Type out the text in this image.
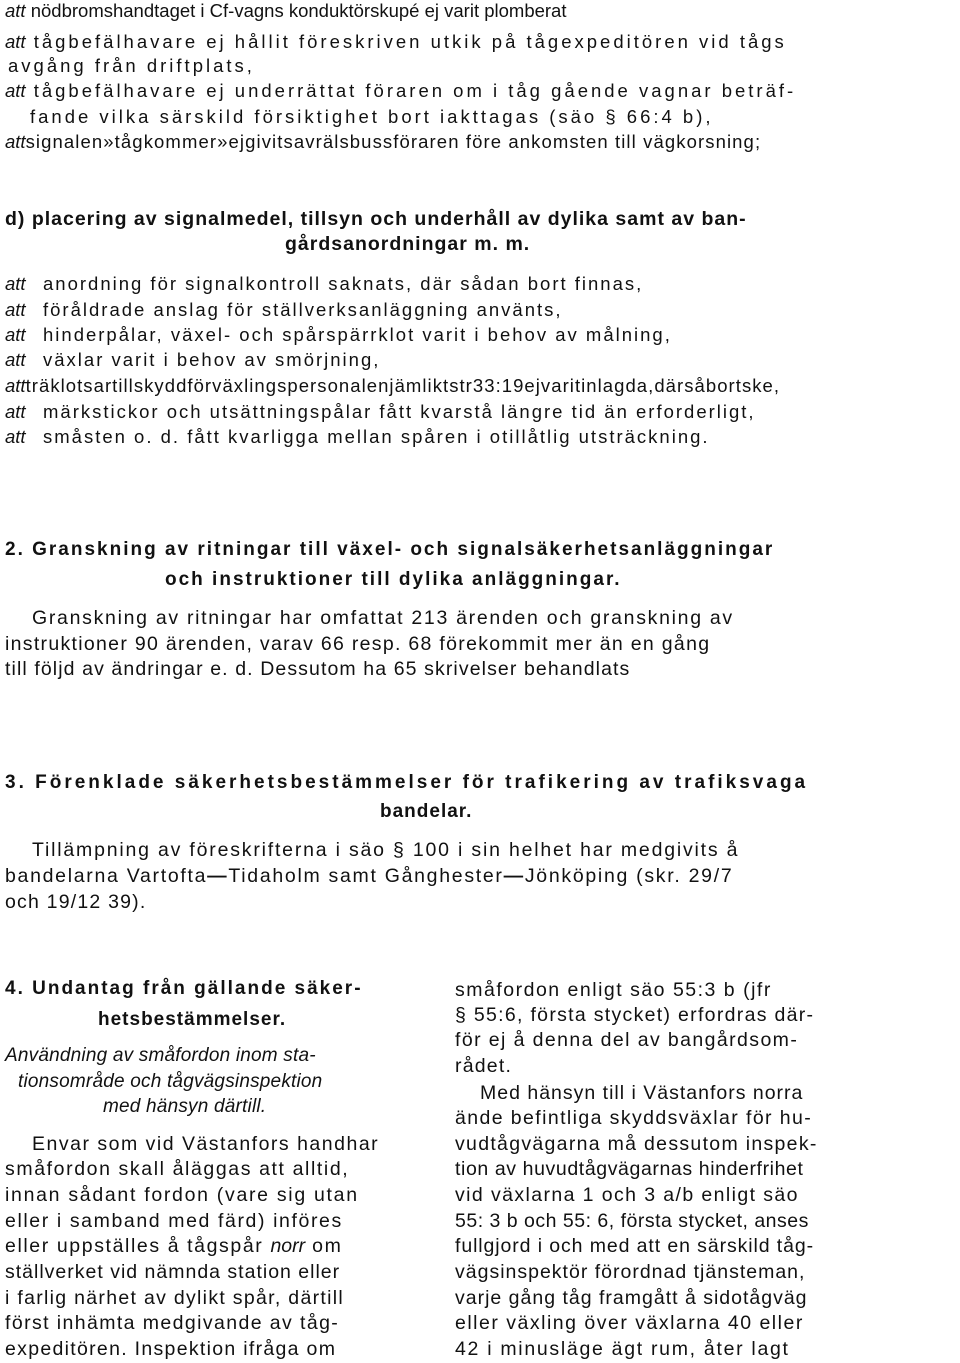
att nödbromshandtaget i Cf-vagns konduktörskupé ej varit plomberat
att tågbefälhavare ej hållit föreskriven utkik på tågexpeditören vid tågs
avgång från driftplats,
att tågbefälhavare ej underrättat föraren om i tåg gående vagnar beträf-
fande vilka särskild försiktighet bort iakttagas (säo § 66:4 b),
attsignalen»tågkommer»ejgivitsavrälsbussföraren före ankomsten till vägkorsning;
d) placering av signalmedel, tillsyn och underhåll av dylika samt av ban-
gårdsanordningar m. m.
att anordning för signalkontroll saknats, där sådan bort finnas,
att föråldrade anslag för ställverksanläggning använts,
att hinderpålar, växel- och spårspärrklot varit i behov av målning,
att växlar varit i behov av smörjning,
attträklotsartillskyddförväxlingspersonalenjämliktstr33:19ejvaritinlagda,därsåbortske,
att märkstickor och utsättningspålar fått kvarstå längre tid än erforderligt,
att småsten o. d. fått kvarligga mellan spåren i otillåtlig utsträckning.
2. Granskning av ritningar till växel- och signalsäkerhetsanläggningar
och instruktioner till dylika anläggningar.
Granskning av ritningar har omfattat 213 ärenden och granskning av
instruktioner 90 ärenden, varav 66 resp. 68 förekommit mer än en gång
till följd av ändringar e. d. Dessutom ha 65 skrivelser behandlats
3. Förenklade säkerhetsbestämmelser för trafikering av trafiksvaga
bandelar.
Tillämpning av föreskrifterna i säo § 100 i sin helhet har medgivits å
bandelarna Vartofta—Tidaholm samt Gånghester—Jönköping (skr. 29/7
och 19/12 39).
4. Undantag från gällande säker-
hetsbestämmelser.
Användning av småfordon inom sta-
tionsområde och tågvägsinspektion
med hänsyn därtill.
Envar som vid Västanfors handhar
småfordon skall åläggas att alltid,
innan sådant fordon (vare sig utan
eller i samband med färd) införes
eller uppställes å tågspår norr om
ställverket vid nämnda station eller
i farlig närhet av dylikt spår, därtill
först inhämta medgivande av tåg-
expeditören. Inspektion ifråga om
småfordon enligt säo 55:3 b (jfr
§ 55:6, första stycket) erfordras där-
för ej å denna del av bangårdsom-
rådet.
Med hänsyn till i Västanfors norra
ände befintliga skyddsväxlar för hu-
vudtågvägarna må dessutom inspek-
tion av huvudtågvägarnas hinderfrihet
vid växlarna 1 och 3 a/b enligt säo
55: 3 b och 55: 6, första stycket, anses
fullgjord i och med att en särskild tåg-
vägsinspektör förordnad tjänsteman,
varje gång tåg framgått å sidotågväg
eller växling över växlarna 40 eller
42 i minusläge ägt rum, åter lagt
